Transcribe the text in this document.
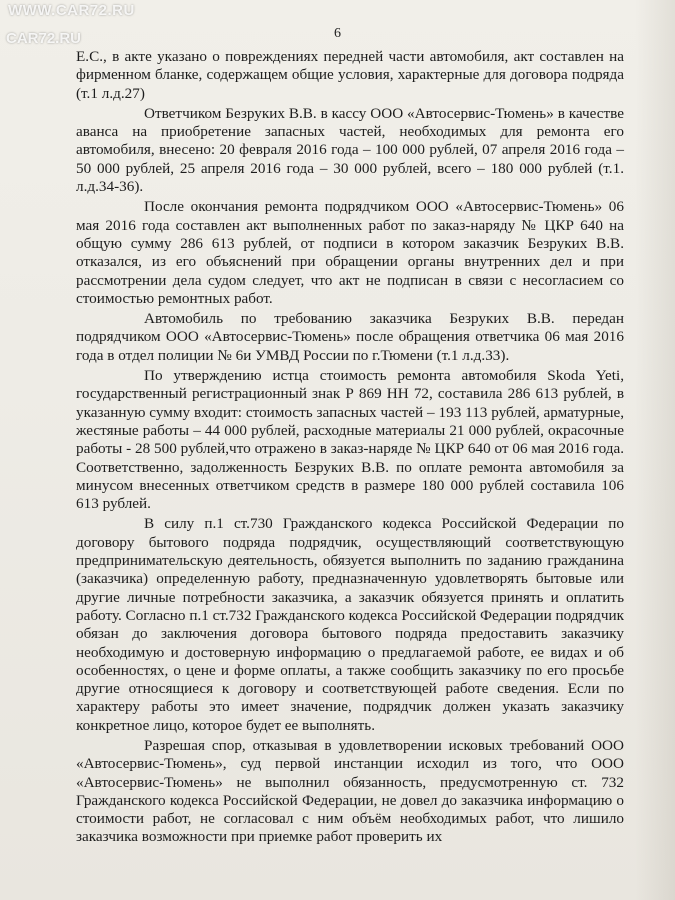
WWW.CAR72.RU
CAR72.RU	6

Е.С., в акте указано о повреждениях передней части автомобиля, акт составлен на фирменном бланке, содержащем общие условия, характерные для договора подряда (т.1 л.д.27)

Ответчиком Безруких В.В. в кассу ООО «Автосервис-Тюмень» в качестве аванса на приобретение запасных частей, необходимых для ремонта его автомобиля, внесено: 20 февраля 2016 года – 100 000 рублей, 07 апреля 2016 года – 50 000 рублей, 25 апреля 2016 года – 30 000 рублей, всего – 180 000 рублей (т.1. л.д.34-36).

После окончания ремонта подрядчиком ООО «Автосервис-Тюмень» 06 мая 2016 года составлен акт выполненных работ по заказ-наряду № ЦКР 640 на общую сумму 286 613 рублей, от подписи в котором заказчик Безруких В.В. отказался, из его объяснений при обращении органы внутренних дел и при рассмотрении дела судом следует, что акт не подписан в связи с несогласием со стоимостью ремонтных работ.

Автомобиль по требованию заказчика Безруких В.В. передан подрядчиком ООО «Автосервис-Тюмень» после обращения ответчика 06 мая 2016 года в отдел полиции № 6и УМВД России по г.Тюмени (т.1 л.д.33).

По утверждению истца стоимость ремонта автомобиля Skoda Yeti, государственный регистрационный знак Р 869 НН 72, составила 286 613 рублей, в указанную сумму входит: стоимость запасных частей – 193 113 рублей, арматурные, жестяные работы – 44 000 рублей, расходные материалы 21 000 рублей, окрасочные работы - 28 500 рублей,что отражено в заказ-наряде № ЦКР 640 от 06 мая 2016 года. Соответственно, задолженность Безруких В.В. по оплате ремонта автомобиля за минусом внесенных ответчиком средств в размере 180 000 рублей составила 106 613 рублей.

В силу п.1 ст.730 Гражданского кодекса Российской Федерации по договору бытового подряда подрядчик, осуществляющий соответствующую предпринимательскую деятельность, обязуется выполнить по заданию гражданина (заказчика) определенную работу, предназначенную удовлетворять бытовые или другие личные потребности заказчика, а заказчик обязуется принять и оплатить работу. Согласно п.1 ст.732 Гражданского кодекса Российской Федерации подрядчик обязан до заключения договора бытового подряда предоставить заказчику необходимую и достоверную информацию о предлагаемой работе, ее видах и об особенностях, о цене и форме оплаты, а также сообщить заказчику по его просьбе другие относящиеся к договору и соответствующей работе сведения. Если по характеру работы это имеет значение, подрядчик должен указать заказчику конкретное лицо, которое будет ее выполнять.

Разрешая спор, отказывая в удовлетворении исковых требований ООО «Автосервис-Тюмень», суд первой инстанции исходил из того, что ООО «Автосервис-Тюмень» не выполнил обязанность, предусмотренную ст. 732 Гражданского кодекса Российской Федерации, не довел до заказчика информацию о стоимости работ, не согласовал с ним объём необходимых работ, что лишило заказчика возможности при приемке работ проверить их
